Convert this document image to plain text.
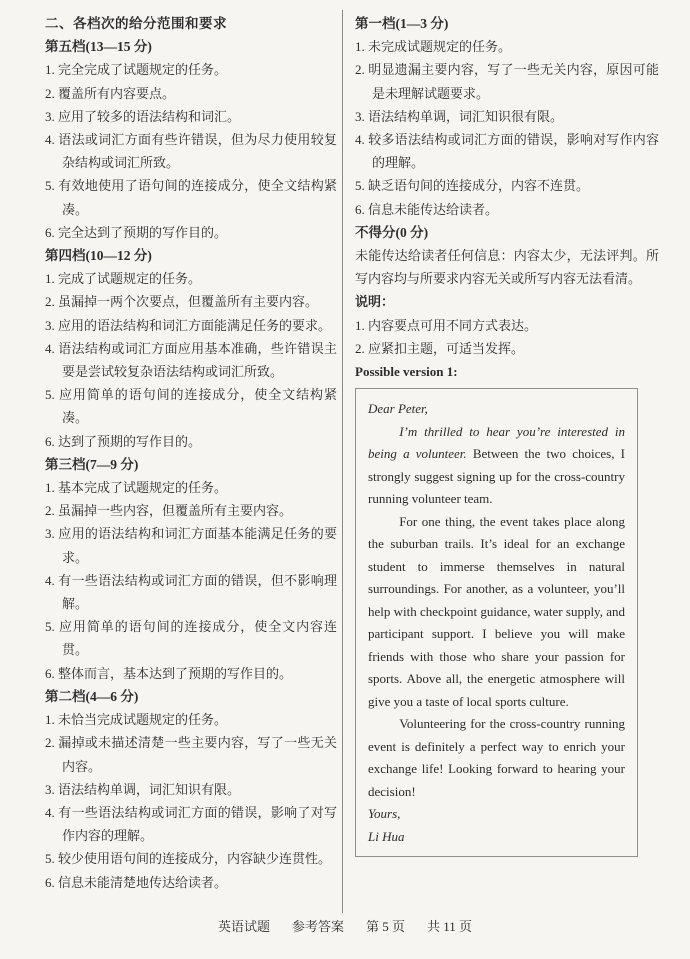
二、各档次的给分范围和要求
第五档(13—15 分)

1. 完全完成了试题规定的任务。

2. 覆盖所有内容要点。

3. 应用了较多的语法结构和词汇。

4. 语法或词汇方面有些许错误，但为尽力使用较复杂结构或词汇所致。

5. 有效地使用了语句间的连接成分，使全文结构紧凑。

6. 完全达到了预期的写作目的。

第四档(10—12 分)

1. 完成了试题规定的任务。

2. 虽漏掉一两个次要点，但覆盖所有主要内容。

3. 应用的语法结构和词汇方面能满足任务的要求。

4. 语法结构或词汇方面应用基本准确，些许错误主要是尝试较复杂语法结构或词汇所致。

5. 应用简单的语句间的连接成分，使全文结构紧凑。

6. 达到了预期的写作目的。

第三档(7—9 分)

1. 基本完成了试题规定的任务。

2. 虽漏掉一些内容，但覆盖所有主要内容。

3. 应用的语法结构和词汇方面基本能满足任务的要求。

4. 有一些语法结构或词汇方面的错误，但不影响理解。

5. 应用简单的语句间的连接成分，使全文内容连贯。

6. 整体而言，基本达到了预期的写作目的。

第二档(4—6 分)

1. 未恰当完成试题规定的任务。

2. 漏掉或未描述清楚一些主要内容，写了一些无关内容。

3. 语法结构单调，词汇知识有限。

4. 有一些语法结构或词汇方面的错误，影响了对写作内容的理解。

5. 较少使用语句间的连接成分，内容缺少连贯性。

6. 信息未能清楚地传达给读者。

第一档(1—3 分)

1. 未完成试题规定的任务。

2. 明显遗漏主要内容，写了一些无关内容，原因可能是未理解试题要求。

3. 语法结构单调，词汇知识很有限。

4. 较多语法结构或词汇方面的错误，影响对写作内容的理解。

5. 缺乏语句间的连接成分，内容不连贯。

6. 信息未能传达给读者。

不得分(0 分)

未能传达给读者任何信息：内容太少，无法评判。所写内容均与所要求内容无关或所写内容无法看清。

说明：

1. 内容要点可用不同方式表达。

2. 应紧扣主题，可适当发挥。

Possible version 1:

Dear Peter,

I’m thrilled to hear you’re interested in being a volunteer. Between the two choices, I strongly suggest signing up for the cross-country running volunteer team.

For one thing, the event takes place along the suburban trails. It’s ideal for an exchange student to immerse themselves in natural surroundings. For another, as a volunteer, you’ll help with checkpoint guidance, water supply, and participant support. I believe you will make friends with those who share your passion for sports. Above all, the energetic atmosphere will give you a taste of local sports culture.

Volunteering for the cross-country running event is definitely a perfect way to enrich your exchange life! Looking forward to hearing your decision!

Yours,

Li Hua

英语试题 参考答案 第 5 页 共 11 页
